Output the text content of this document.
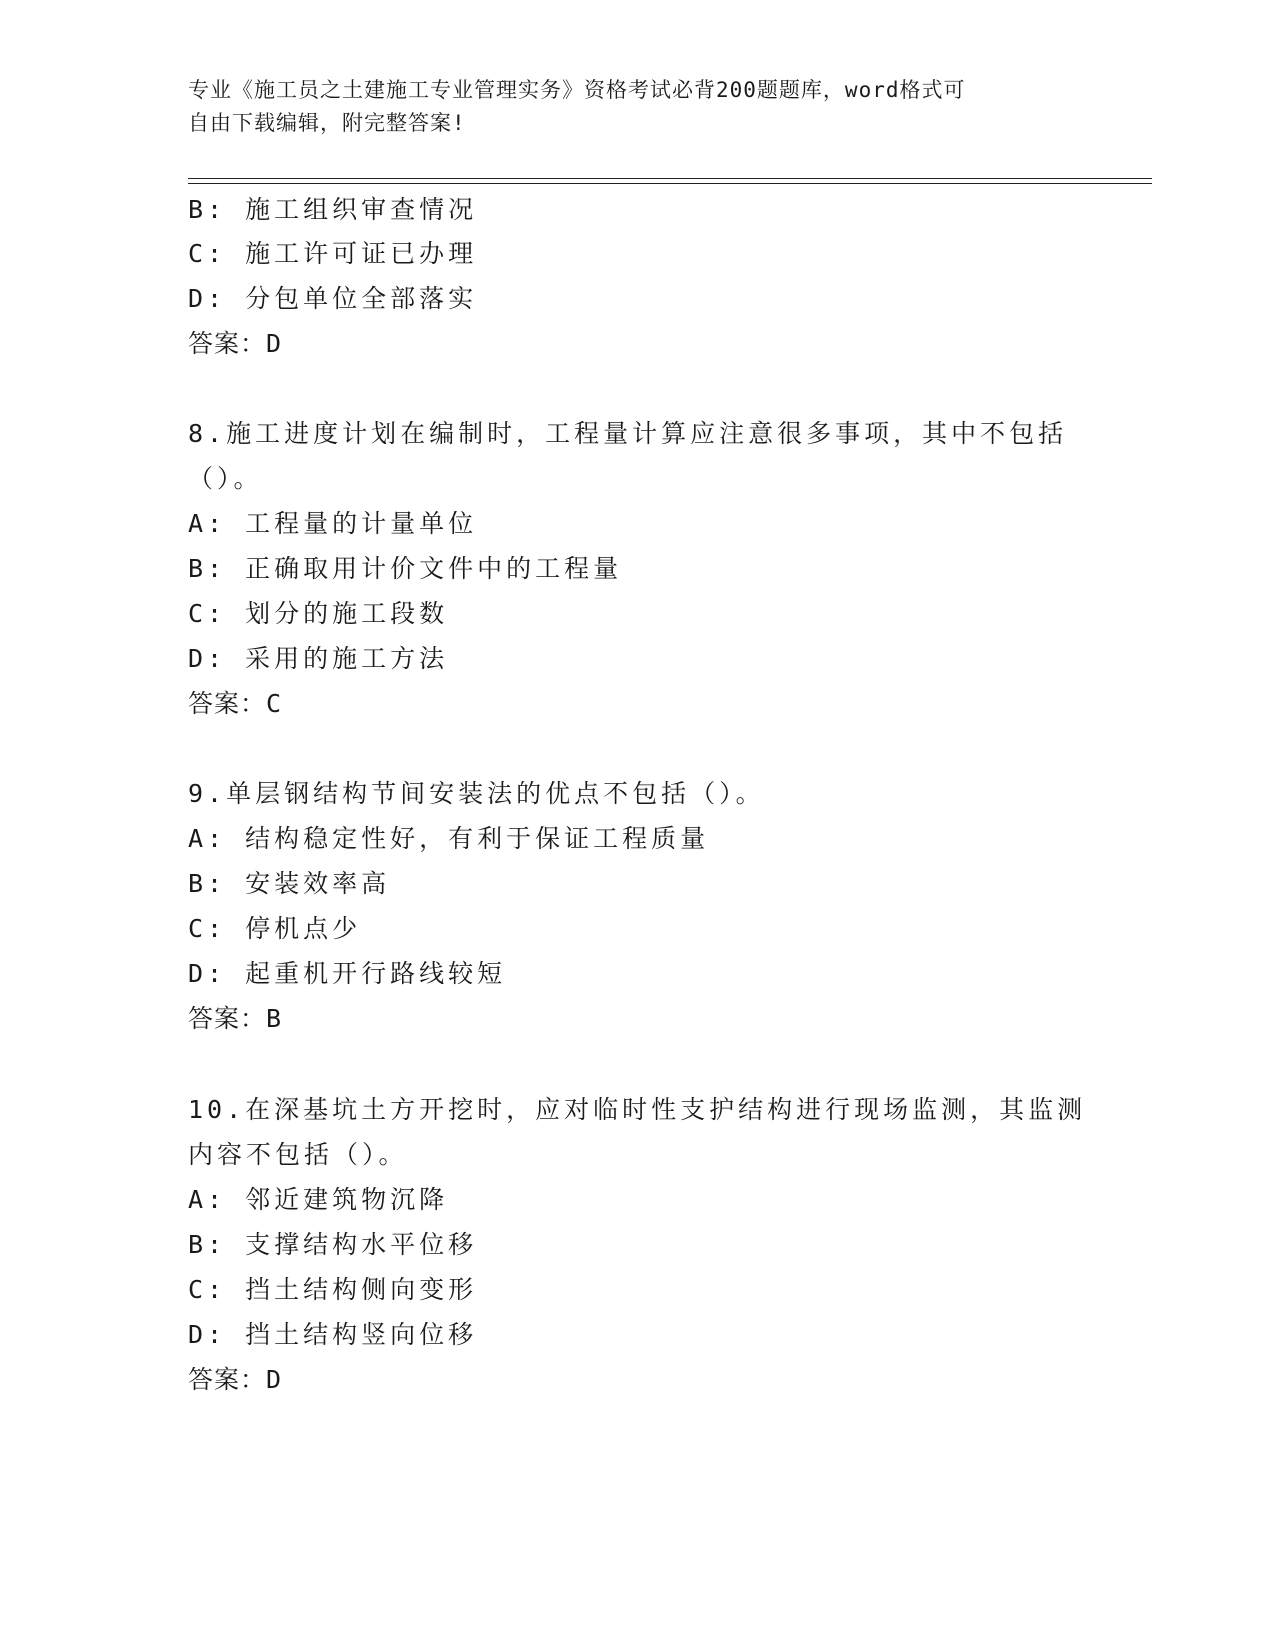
专业《施工员之土建施工专业管理实务》资格考试必背200题题库，word格式可
自由下载编辑，附完整答案!
B: 施工组织审查情况
C: 施工许可证已办理
D: 分包单位全部落实
答案：D
8.施工进度计划在编制时，工程量计算应注意很多事项，其中不包括
（）。
A: 工程量的计量单位
B: 正确取用计价文件中的工程量
C: 划分的施工段数
D: 采用的施工方法
答案：C
9.单层钢结构节间安装法的优点不包括（）。
A: 结构稳定性好，有利于保证工程质量
B: 安装效率高
C: 停机点少
D: 起重机开行路线较短
答案：B
10.在深基坑土方开挖时，应对临时性支护结构进行现场监测，其监测
内容不包括（）。
A: 邻近建筑物沉降
B: 支撑结构水平位移
C: 挡土结构侧向变形
D: 挡土结构竖向位移
答案：D
